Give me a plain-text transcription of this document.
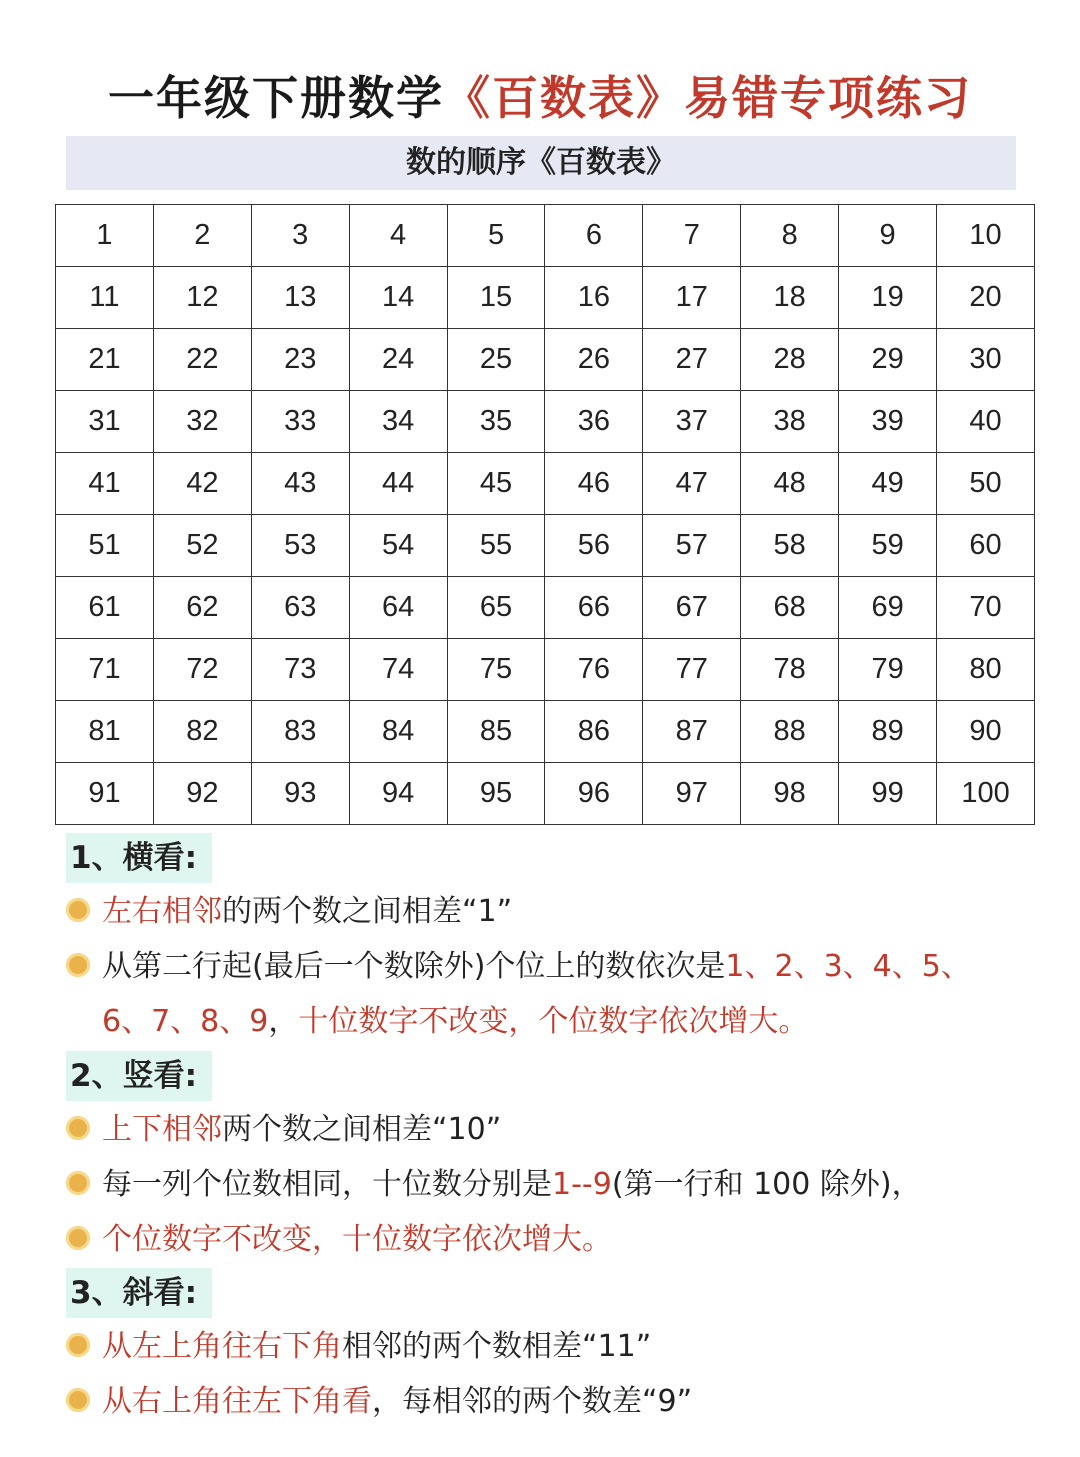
一年级下册数学《百数表》易错专项练习
数的顺序《百数表》
1	2	3	4	5	6	7	8	9	10
11	12	13	14	15	16	17	18	19	20
21	22	23	24	25	26	27	28	29	30
31	32	33	34	35	36	37	38	39	40
41	42	43	44	45	46	47	48	49	50
51	52	53	54	55	56	57	58	59	60
61	62	63	64	65	66	67	68	69	70
71	72	73	74	75	76	77	78	79	80
81	82	83	84	85	86	87	88	89	90
91	92	93	94	95	96	97	98	99	100
1、横看:
左右相邻的两个数之间相差“1”
从第二行起(最后一个数除外)个位上的数依次是1、2、3、4、5、
6、7、8、9，十位数字不改变，个位数字依次增大。
2、竖看:
上下相邻两个数之间相差“10”
每一列个位数相同，十位数分别是1--9(第一行和 100 除外)，
个位数字不改变，十位数字依次增大。
3、斜看:
从左上角往右下角相邻的两个数相差“11”
从右上角往左下角看，每相邻的两个数差“9”
